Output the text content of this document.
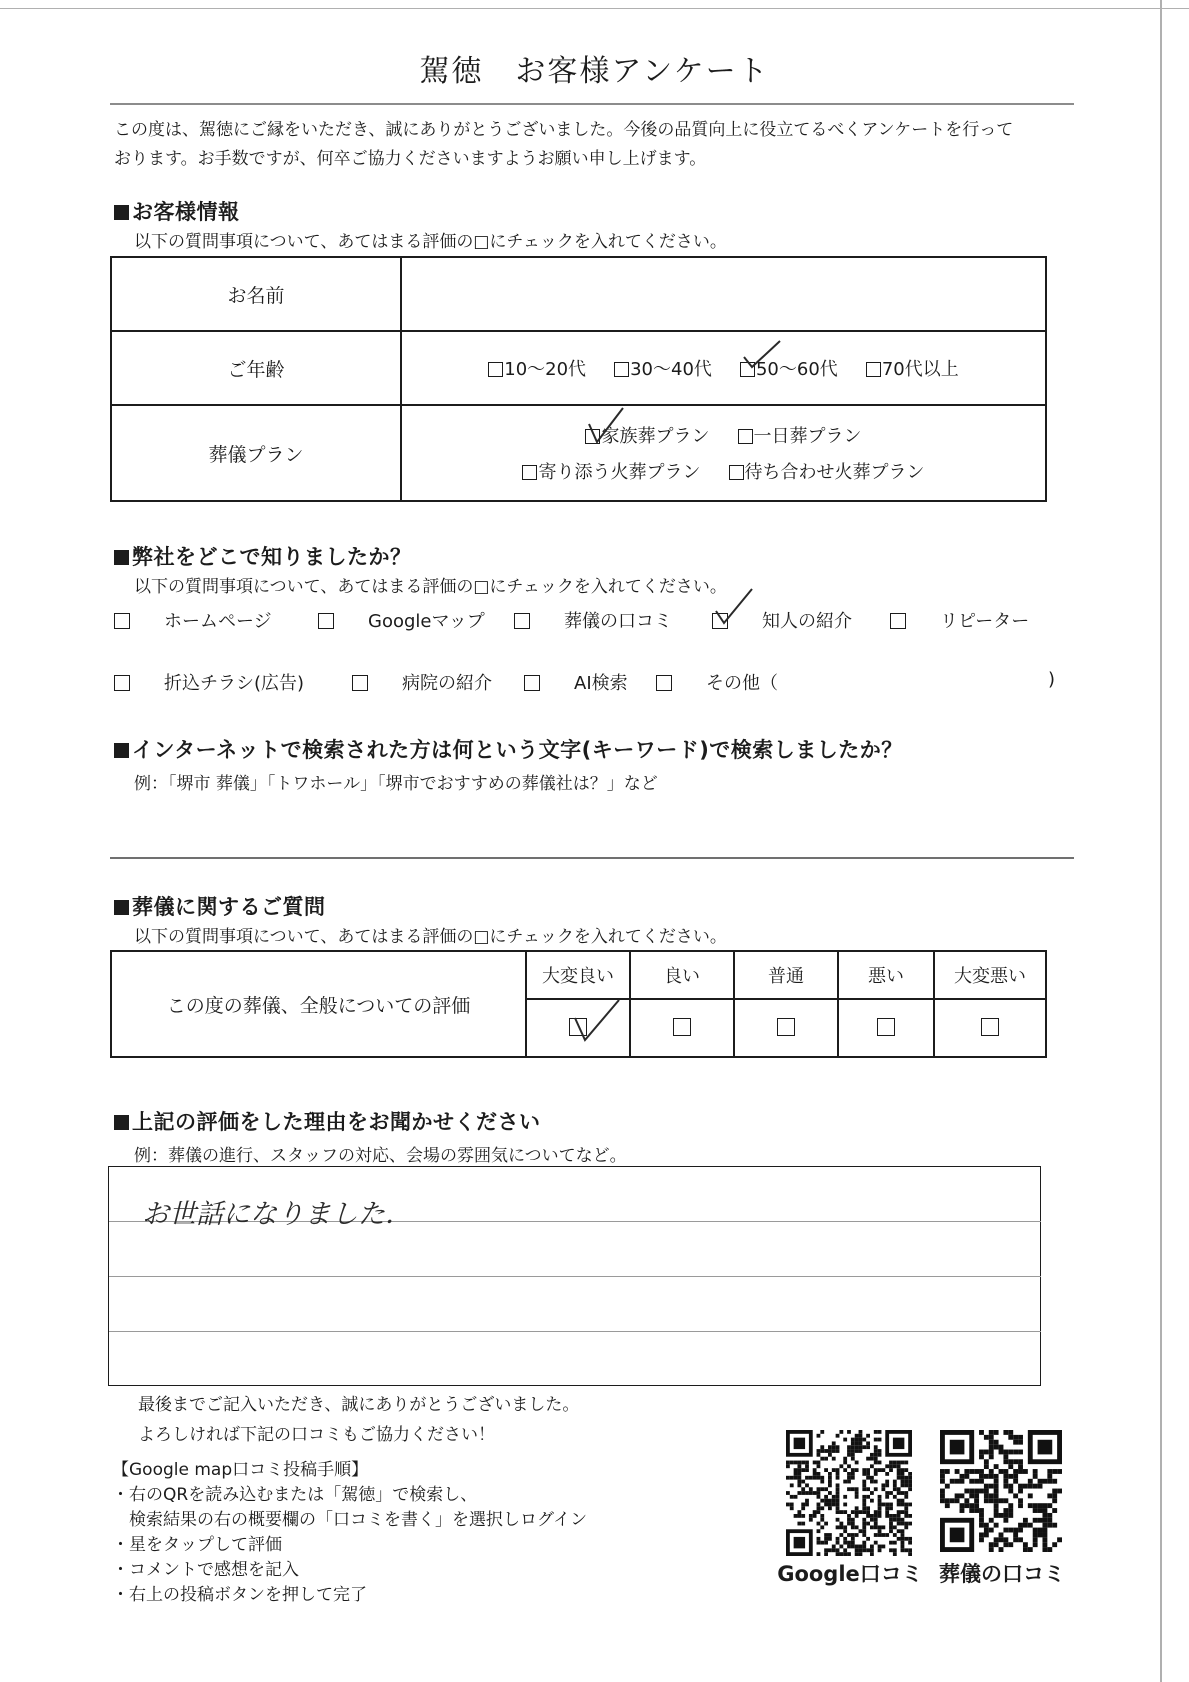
駕徳　お客様アンケート
この度は、駕徳にご縁をいただき、誠にありがとうございました。今後の品質向上に役立てるべくアンケートを行って
おります。お手数ですが、何卒ご協力くださいますようお願い申し上げます。
お客様情報
以下の質問事項について、あてはまる評価の□にチェックを入れてください。
お名前	
ご年齢	10～20代 30～40代 50～60代 70代以上
葬儀プラン	家族葬プラン 一日葬プラン
寄り添う火葬プラン 待ち合わせ火葬プラン
弊社をどこで知りましたか？
以下の質問事項について、あてはまる評価の□にチェックを入れてください。
ホームページ	Googleマップ	葬儀の口コミ	知人の紹介	リピーター
折込チラシ(広告)	病院の紹介	AI検索	その他（	)
インターネットで検索された方は何という文字(キーワード)で検索しましたか？
例：「堺市 葬儀」「トワホール」「堺市でおすすめの葬儀社は？」など
葬儀に関するご質問
以下の質問事項について、あてはまる評価の□にチェックを入れてください。
この度の葬儀、全般についての評価	大変良い	良い	普通	悪い	大変悪い

上記の評価をした理由をお聞かせください
例：葬儀の進行、スタッフの対応、会場の雰囲気についてなど。
お世話になりました．
最後までご記入いただき、誠にありがとうございました。
よろしければ下記の口コミもご協力ください！
【Google map口コミ投稿手順】
・右のQRを読み込むまたは「駕徳」で検索し、
　検索結果の右の概要欄の「口コミを書く」を選択しログイン
・星をタップして評価
・コメントで感想を記入
・右上の投稿ボタンを押して完了
Google口コミ 葬儀の口コミ
